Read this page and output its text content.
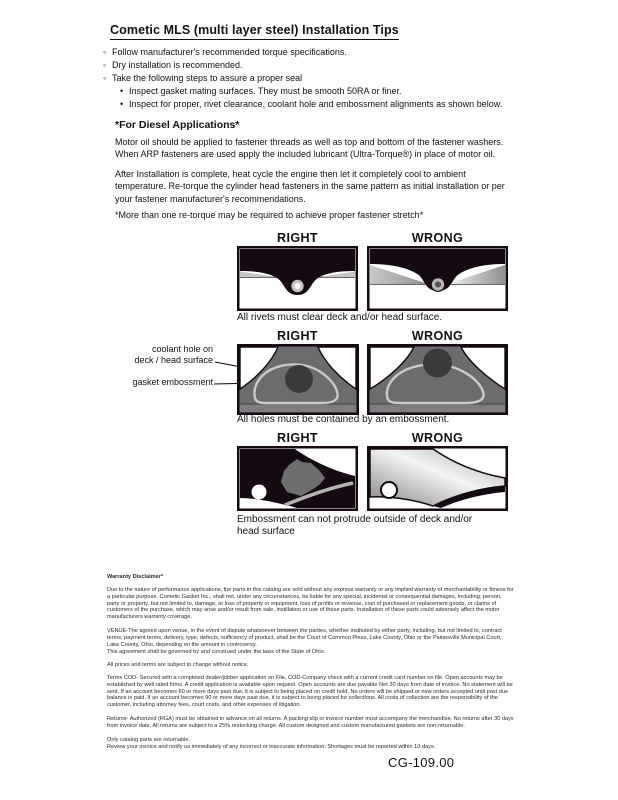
Cometic MLS (multi layer steel) Installation Tips
◦ Follow manufacturer's recommended torque specifications.
◦ Dry installation is recommended.
◦ Take the following steps to assure a proper seal
• Inspect gasket mating surfaces. They must be smooth 50RA or finer.
• Inspect for proper, rivet clearance, coolant hole and embossment alignments as shown below.
*For Diesel Applications*
Motor oil should be applied to fastener threads as well as top and bottom of the fastener washers. When ARP fasteners are used apply the included lubricant (Ultra-Torque®) in place of motor oil.
After Installation is complete, heat cycle the engine then let it completely cool to ambient temperature. Re-torque the cylinder head fasteners in the same pattern as initial installation or per your fastener manufacturer's recommendations.
*More than one re-torque may be required to achieve proper fastener stretch*
RIGHT	WRONG
All rivets must clear deck and/or head surface.
RIGHT	WRONG
coolant hole on
deck / head surface
gasket embossment
All holes must be contained by an embossment.
RIGHT	WRONG
Embossment can not protrude outside of deck and/or head surface
Warranty Disclaimer*
Due to the nature of performance applications, the parts in this catalog are sold without any express warranty or any implied warranty of merchantability or fitness for a particular purpose. Cometic Gasket Inc., shall not, under any circumstances, be liable for any special, incidental or consequential damages, including, person, party or property, but not limited to, damage, or loss of property or equipment, loss of profits or revenue, cost of purchased or replacement goods, or claims of customers of the purchase, which may arise and/or result from sale, instillation or use of these parts. Installation of these parts could adversely affect the motor manufacturers warranty coverage.
VENUE-The agreed upon venue, in the event of dispute whatsoever between the parties, whether instituted by either party, including, but not limited to, contract terms, payment terms, delivery, type, defects, sufficiency of product, shall be the Court of Common Pleas, Lake County, Ohio or the Painesville Municipal Court, Lake County, Ohio, depending on the amount in controversy.
This agreement shall be governed by and construed under the laws of the State of Ohio.
All prices and terms are subject to change without notice.
Terms COD- Secured with a completed dealer/jobber application on File, COD-Company check with a current credit card number on file. Open accounts may be established by well rated firms. A credit application is available upon request. Open accounts are due payable Net 30 days from date of invoice. No statement will be sent. If an account becomes 60 or more days past due, it is subject to being placed on credit hold. No orders will be shipped or new orders accepted until past due balance is paid. If an account becomes 90 or more days past due, it is subject to being placed for collections. All costs of collection are the responsibility of the customer, including attorney fees, court costs, and other expenses of litigation.
Returns- Authorized (RGA) must be obtained in advance on all returns. A packing slip or invoice number must accompany the merchandise. No returns after 30 days from invoice date. All returns are subject to a 25% restocking charge. All custom designed and custom manufactured gaskets are non-returnable.
Only catalog parts are returnable.
Review your invoice and notify us immediately of any incorrect or inaccurate information. Shortages must be reported within 10 days.
CG-109.00
